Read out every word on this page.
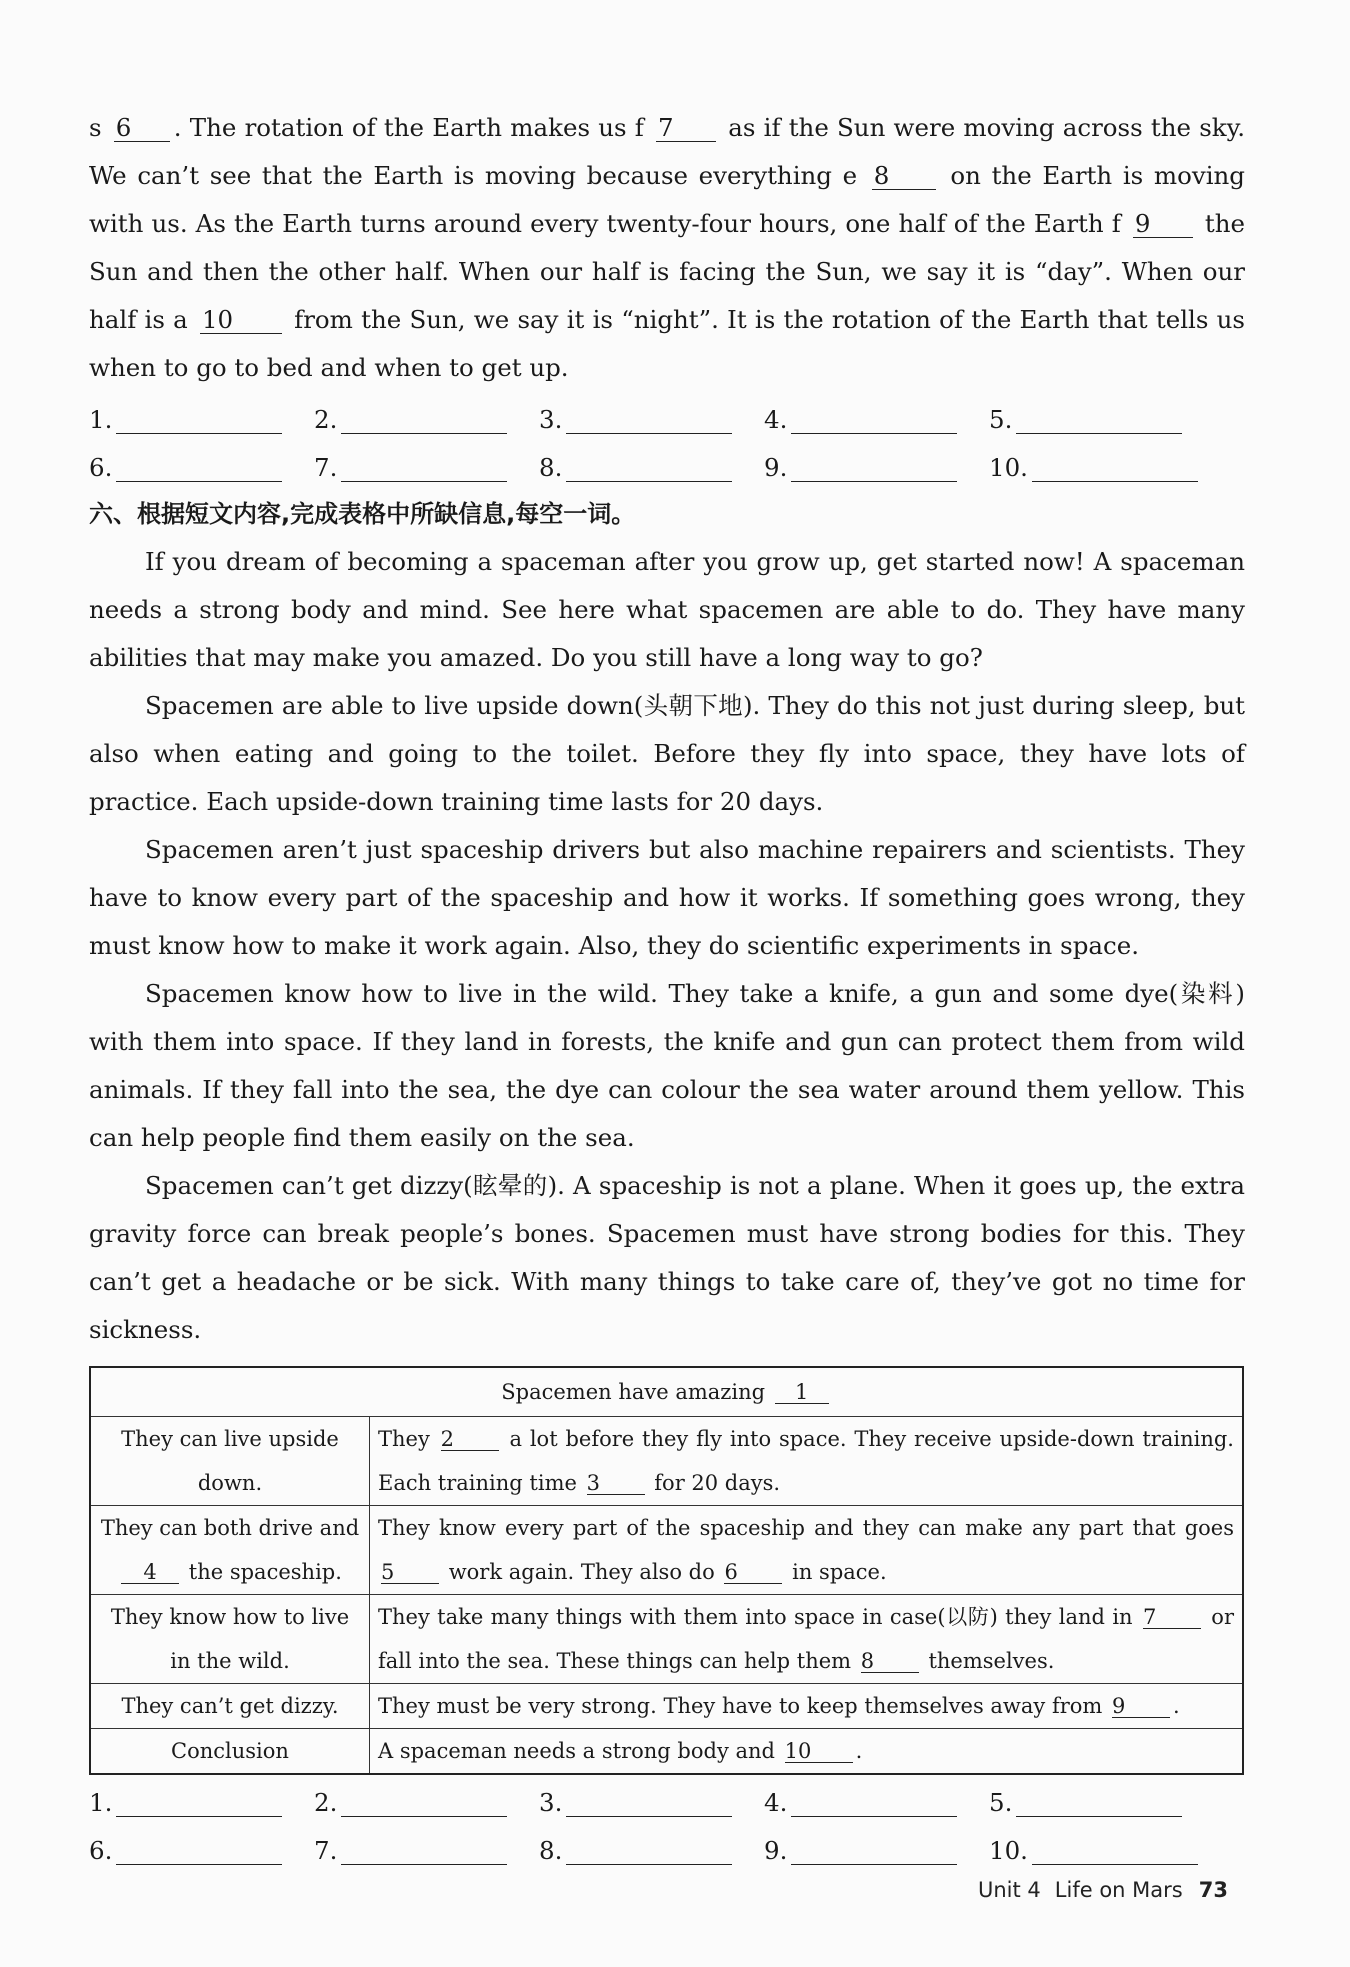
s 6 . The rotation of the Earth makes us f 7 as if the Sun were moving across the sky. We can’t see that the Earth is moving because everything e 8 on the Earth is moving with us. As the Earth turns around every twenty-four hours, one half of the Earth f 9 the Sun and then the other half. When our half is facing the Sun, we say it is “day”. When our half is a 10 from the Sun, we say it is “night”. It is the rotation of the Earth that tells us when to go to bed and when to get up.

1.	2.	3.	4.	5.
6.	7.	8.	9.	10.

六、根据短文内容,完成表格中所缺信息,每空一词。

If you dream of becoming a spaceman after you grow up, get started now! A spaceman needs a strong body and mind. See here what spacemen are able to do. They have many abilities that may make you amazed. Do you still have a long way to go?

Spacemen are able to live upside down(头朝下地). They do this not just during sleep, but also when eating and going to the toilet. Before they fly into space, they have lots of practice. Each upside-down training time lasts for 20 days.

Spacemen aren’t just spaceship drivers but also machine repairers and scientists. They have to know every part of the spaceship and how it works. If something goes wrong, they must know how to make it work again. Also, they do scientific experiments in space.

Spacemen know how to live in the wild. They take a knife, a gun and some dye(染料) with them into space. If they land in forests, the knife and gun can protect them from wild animals. If they fall into the sea, the dye can colour the sea water around them yellow. This can help people find them easily on the sea.

Spacemen can’t get dizzy(眩晕的). A spaceship is not a plane. When it goes up, the extra gravity force can break people’s bones. Spacemen must have strong bodies for this. They can’t get a headache or be sick. With many things to take care of, they’ve got no time for sickness.

Spacemen have amazing 1	
They can live upside down.	They 2 a lot before they fly into space. They receive upside-down training. Each training time 3 for 20 days.
They can both drive and 4 the spaceship.	They know every part of the spaceship and they can make any part that goes 5 work again. They also do 6 in space.
They know how to live in the wild.	They take many things with them into space in case(以防) they land in 7 or fall into the sea. These things can help them 8 themselves.
They can’t get dizzy.	They must be very strong. They have to keep themselves away from 9 .
Conclusion	A spaceman needs a strong body and 10 .
1.	2.	3.	4.	5.
6.	7.	8.	9.	10.
Unit 4 Life on Mars 73
